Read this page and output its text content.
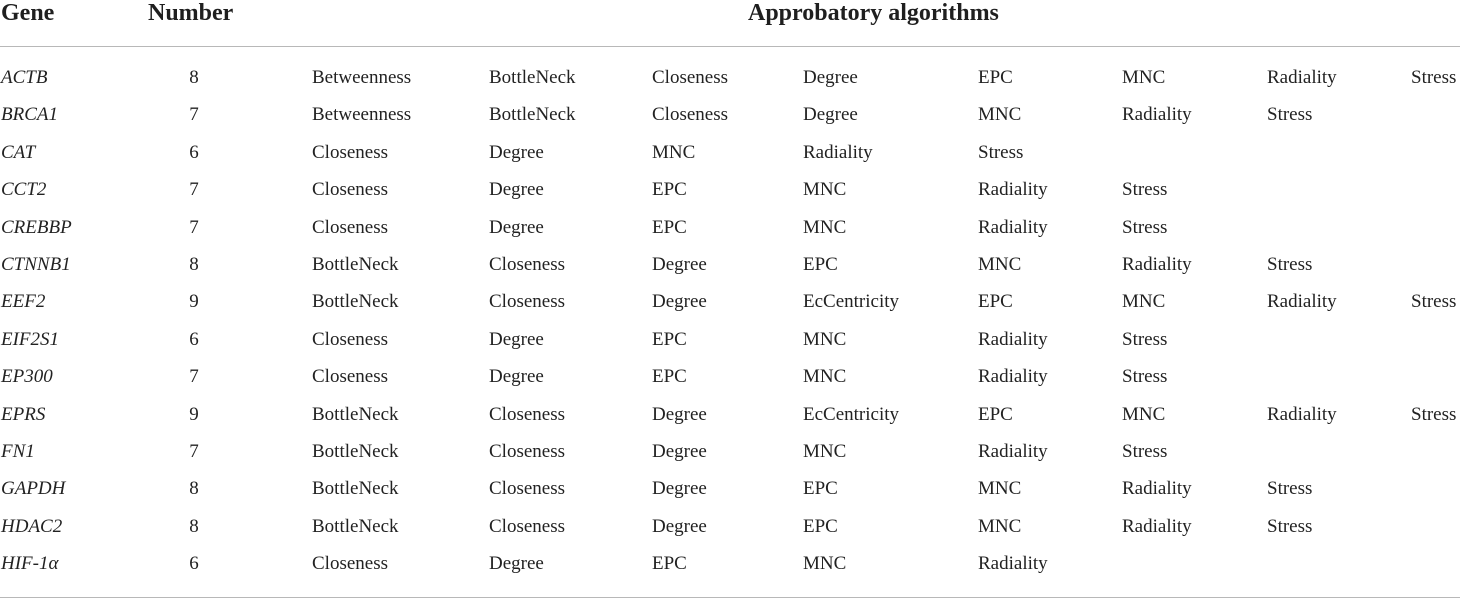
Gene	Number	Approbatory algorithms
ACTB	8	Betweenness	BottleNeck	Closeness	Degree	EPC	MNC	Radiality	Stress
BRCA1	7	Betweenness	BottleNeck	Closeness	Degree	MNC	Radiality	Stress
CAT	6	Closeness	Degree	MNC	Radiality	Stress
CCT2	7	Closeness	Degree	EPC	MNC	Radiality	Stress
CREBBP	7	Closeness	Degree	EPC	MNC	Radiality	Stress
CTNNB1	8	BottleNeck	Closeness	Degree	EPC	MNC	Radiality	Stress
EEF2	9	BottleNeck	Closeness	Degree	EcCentricity	EPC	MNC	Radiality	Stress
EIF2S1	6	Closeness	Degree	EPC	MNC	Radiality	Stress
EP300	7	Closeness	Degree	EPC	MNC	Radiality	Stress
EPRS	9	BottleNeck	Closeness	Degree	EcCentricity	EPC	MNC	Radiality	Stress
FN1	7	BottleNeck	Closeness	Degree	MNC	Radiality	Stress
GAPDH	8	BottleNeck	Closeness	Degree	EPC	MNC	Radiality	Stress
HDAC2	8	BottleNeck	Closeness	Degree	EPC	MNC	Radiality	Stress
HIF-1α	6	Closeness	Degree	EPC	MNC	Radiality
